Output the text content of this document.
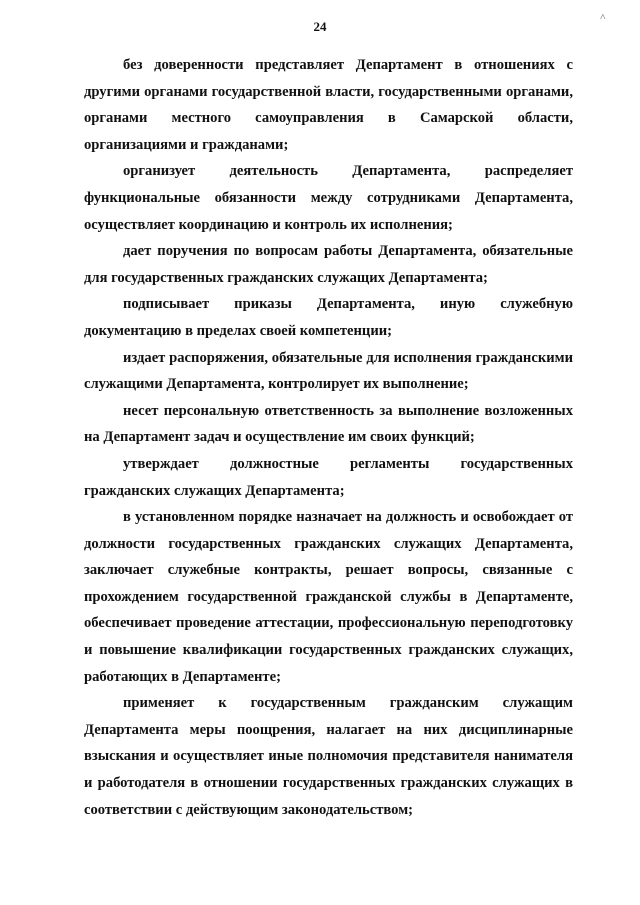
˄
24

без доверенности представляет Департамент в отношениях с другими органами государственной власти, государственными органами, органами местного самоуправления в Самарской области, организациями и гражданами;

организует деятельность Департамента, распределяет функциональные обязанности между сотрудниками Департамента, осуществляет координацию и контроль их исполнения;

дает поручения по вопросам работы Департамента, обязательные для государственных гражданских служащих Департамента;

подписывает приказы Департамента, иную служебную документацию в пределах своей компетенции;

издает распоряжения, обязательные для исполнения гражданскими служащими Департамента, контролирует их выполнение;

несет персональную ответственность за выполнение возложенных на Департамент задач и осуществление им своих функций;

утверждает должностные регламенты государственных гражданских служащих Департамента;

в установленном порядке назначает на должность и освобождает от должности государственных гражданских служащих Департамента, заключает служебные контракты, решает вопросы, связанные с прохождением государственной гражданской службы в Департаменте, обеспечивает проведение аттестации, профессиональную переподготовку и повышение квалификации государственных гражданских служащих, работающих в Департаменте;

применяет к государственным гражданским служащим Департамента меры поощрения, налагает на них дисциплинарные взыскания и осуществляет иные полномочия представителя нанимателя и работодателя в отношении государственных гражданских служащих в соответствии с действующим законодательством;
